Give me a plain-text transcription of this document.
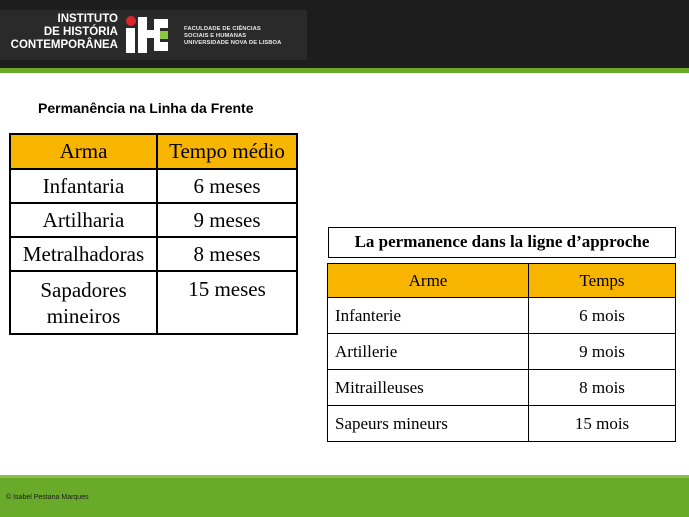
INSTITUTO
DE HISTÓRIA
CONTEMPORÂNEA
FACULDADE DE CIÊNCIAS
SOCIAIS E HUMANAS
UNIVERSIDADE NOVA DE LISBOA
Permanência na Linha da Frente
Arma	Tempo médio
Infantaria	6 meses
Artilharia	9 meses
Metralhadoras	8 meses
Sapadores mineiros	15 meses
La permanence dans la ligne d’approche
Arme	Temps
Infanterie	6 mois
Artillerie	9 mois
Mitrailleuses	8 mois
Sapeurs mineurs	15 mois
© Isabel Pestana Marques
